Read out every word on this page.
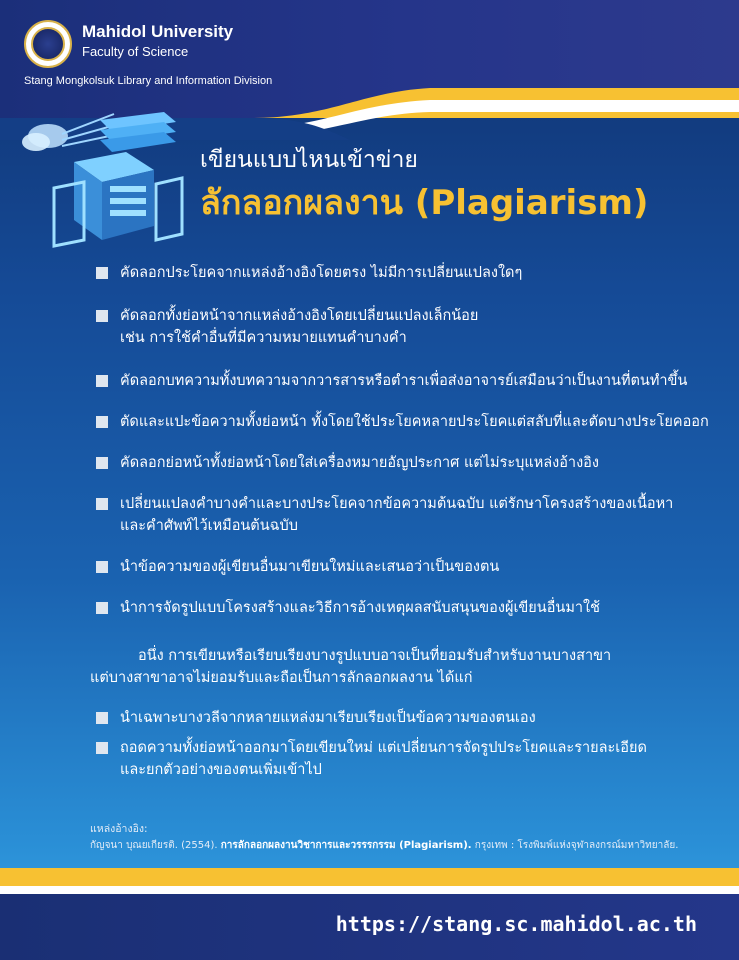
Mahidol University
Faculty of Science
Stang Mongkolsuk Library and Information Division
เขียนแบบไหนเข้าข่าย
ลักลอกผลงาน (Plagiarism)
คัดลอกประโยคจากแหล่งอ้างอิงโดยตรง ไม่มีการเปลี่ยนแปลงใดๆ
คัดลอกทั้งย่อหน้าจากแหล่งอ้างอิงโดยเปลี่ยนแปลงเล็กน้อย
เช่น การใช้คำอื่นที่มีความหมายแทนคำบางคำ
คัดลอกบทความทั้งบทความจากวารสารหรือตำราเพื่อส่งอาจารย์เสมือนว่าเป็นงานที่ตนทำขึ้น
ตัดและแปะข้อความทั้งย่อหน้า ทั้งโดยใช้ประโยคหลายประโยคแต่สลับที่และตัดบางประโยคออก
คัดลอกย่อหน้าทั้งย่อหน้าโดยใส่เครื่องหมายอัญประกาศ แต่ไม่ระบุแหล่งอ้างอิง
เปลี่ยนแปลงคำบางคำและบางประโยคจากข้อความต้นฉบับ แต่รักษาโครงสร้างของเนื้อหา
และคำศัพท์ไว้เหมือนต้นฉบับ
นำข้อความของผู้เขียนอื่นมาเขียนใหม่และเสนอว่าเป็นของตน
นำการจัดรูปแบบโครงสร้างและวิธีการอ้างเหตุผลสนับสนุนของผู้เขียนอื่นมาใช้
อนึ่ง การเขียนหรือเรียบเรียงบางรูปแบบอาจเป็นที่ยอมรับสำหรับงานบางสาขา
แต่บางสาขาอาจไม่ยอมรับและถือเป็นการลักลอกผลงาน ได้แก่
นำเฉพาะบางวลีจากหลายแหล่งมาเรียบเรียงเป็นข้อความของตนเอง
ถอดความทั้งย่อหน้าออกมาโดยเขียนใหม่ แต่เปลี่ยนการจัดรูปประโยคและรายละเอียด
และยกตัวอย่างของตนเพิ่มเข้าไป
แหล่งอ้างอิง:
กัญจนา บุณยเกียรติ. (2554). การลักลอกผลงานวิชาการและวรรรกรรม (Plagiarism). กรุงเทพ : โรงพิมพ์แห่งจุฬาลงกรณ์มหาวิทยาลัย.
https://stang.sc.mahidol.ac.th
